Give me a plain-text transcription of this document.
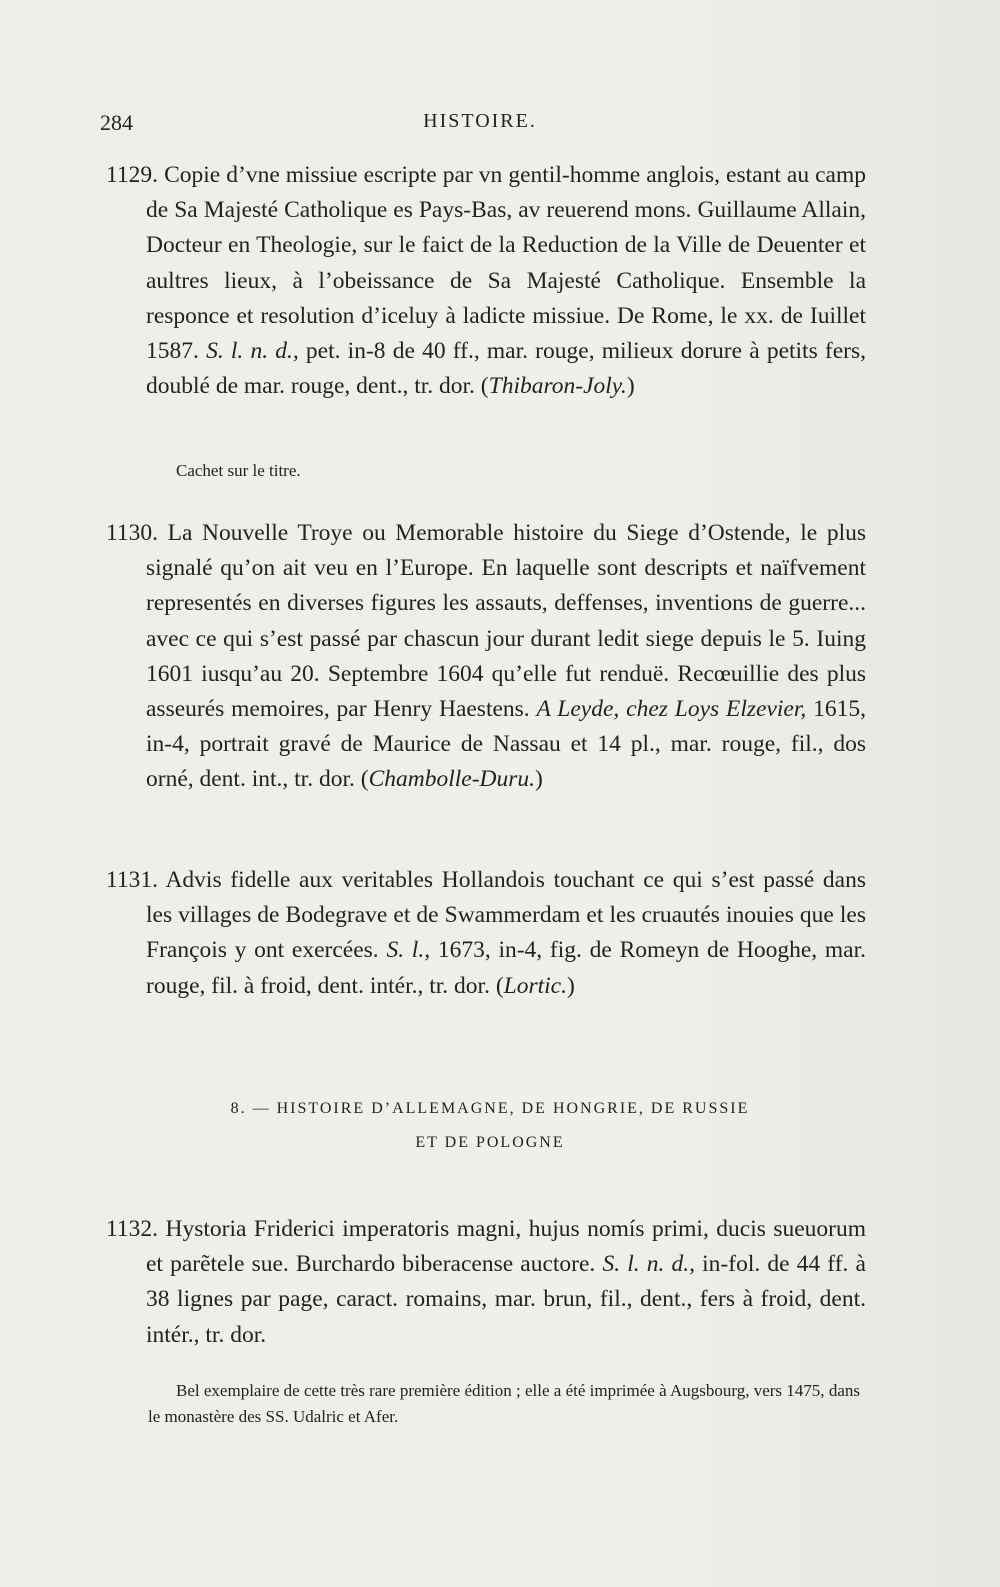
284	HISTOIRE.
1129. Copie d’vne missiue escripte par vn gentil-homme anglois, estant au camp de Sa Majesté Catholique es Pays-Bas, av reuerend mons. Guillaume Allain, Docteur en Theologie, sur le faict de la Reduction de la Ville de Deuenter et aultres lieux, à l’obeissance de Sa Majesté Catholique. Ensemble la responce et resolution d’iceluy à ladicte missiue. De Rome, le xx. de Iuillet 1587. S. l. n. d., pet. in-8 de 40 ff., mar. rouge, milieux dorure à petits fers, doublé de mar. rouge, dent., tr. dor. (Thibaron-Joly.)
Cachet sur le titre.
1130. La Nouvelle Troye ou Memorable histoire du Siege d’Ostende, le plus signalé qu’on ait veu en l’Europe. En laquelle sont descripts et naïfvement representés en diverses figures les assauts, deffenses, inventions de guerre... avec ce qui s’est passé par chascun jour durant ledit siege depuis le 5. Iuing 1601 iusqu’au 20. Septembre 1604 qu’elle fut renduë. Recœuillie des plus asseurés memoires, par Henry Haestens. A Leyde, chez Loys Elzevier, 1615, in-4, portrait gravé de Maurice de Nassau et 14 pl., mar. rouge, fil., dos orné, dent. int., tr. dor. (Chambolle-Duru.)
1131. Advis fidelle aux veritables Hollandois touchant ce qui s’est passé dans les villages de Bodegrave et de Swammerdam et les cruautés inouies que les François y ont exercées. S. l., 1673, in-4, fig. de Romeyn de Hooghe, mar. rouge, fil. à froid, dent. intér., tr. dor. (Lortic.)
8. — HISTOIRE D’ALLEMAGNE, DE HONGRIE, DE RUSSIE
ET DE POLOGNE
1132. Hystoria Friderici imperatoris magni, hujus nomís primi, ducis sueuorum et parẽtele sue. Burchardo biberacense auctore. S. l. n. d., in-fol. de 44 ff. à 38 lignes par page, caract. romains, mar. brun, fil., dent., fers à froid, dent. intér., tr. dor.
Bel exemplaire de cette très rare première édition ; elle a été imprimée à Augsbourg, vers 1475, dans le monastère des SS. Udalric et Afer.
